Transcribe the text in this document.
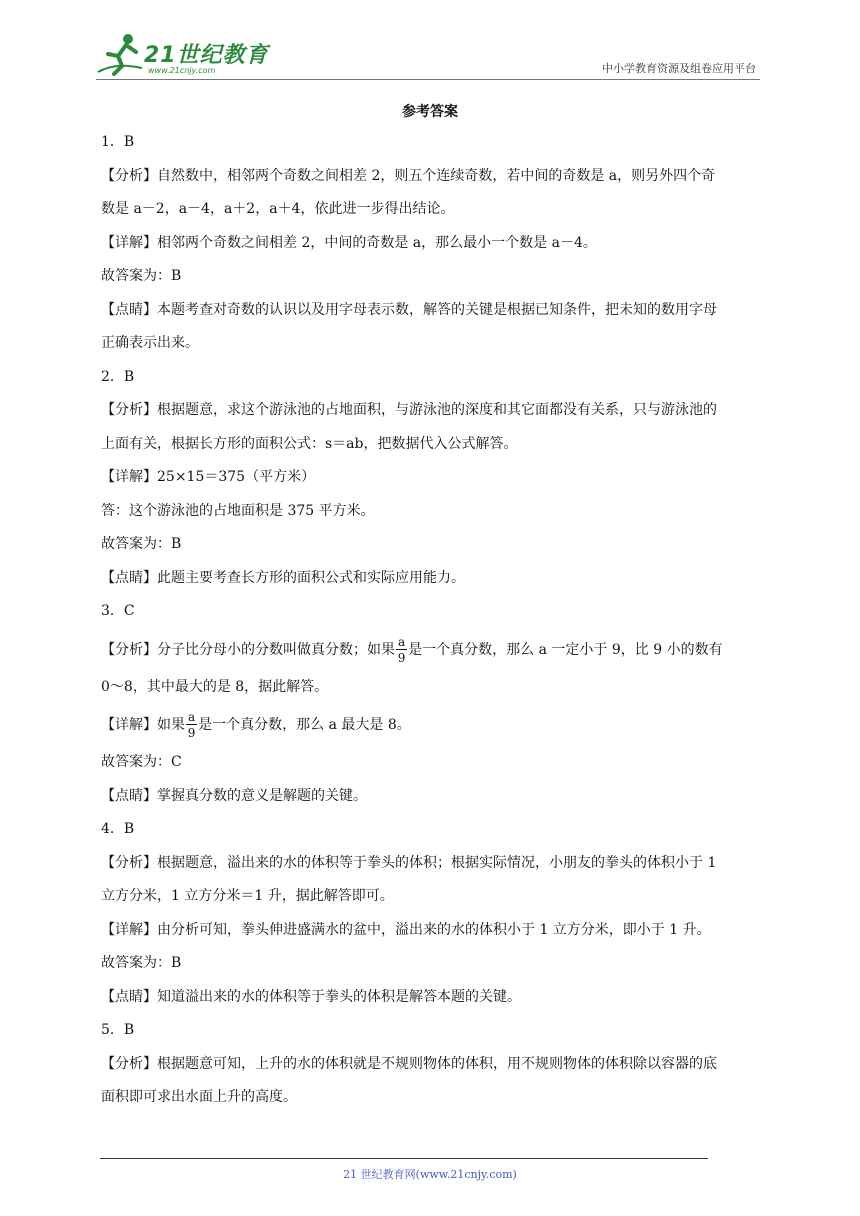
21世纪教育
www.21cnjy.com	中小学教育资源及组卷应用平台
参考答案
1．B
【分析】自然数中，相邻两个奇数之间相差 2，则五个连续奇数，若中间的奇数是 a，则另外四个奇
数是 a－2，a－4，a＋2，a＋4，依此进一步得出结论。
【详解】相邻两个奇数之间相差 2，中间的奇数是 a，那么最小一个数是 a－4。
故答案为：B
【点睛】本题考查对奇数的认识以及用字母表示数，解答的关键是根据已知条件，把未知的数用字母
正确表示出来。
2．B
【分析】根据题意，求这个游泳池的占地面积，与游泳池的深度和其它面都没有关系，只与游泳池的
上面有关，根据长方形的面积公式：s＝ab，把数据代入公式解答。
【详解】25×15＝375（平方米）
答：这个游泳池的占地面积是 375 平方米。
故答案为：B
【点睛】此题主要考查长方形的面积公式和实际应用能力。
3．C
【分析】分子比分母小的分数叫做真分数；如果 $\frac{a}{9}$ 是一个真分数，那么 a 一定小于 9，比 9 小的数有
0～8，其中最大的是 8，据此解答。
【详解】如果 $\frac{a}{9}$ 是一个真分数，那么 a 最大是 8。
故答案为：C
【点睛】掌握真分数的意义是解题的关键。
4．B
【分析】根据题意，溢出来的水的体积等于拳头的体积；根据实际情况，小朋友的拳头的体积小于 1
立方分米，1 立方分米＝1 升，据此解答即可。
【详解】由分析可知，拳头伸进盛满水的盆中，溢出来的水的体积小于 1 立方分米，即小于 1 升。
故答案为：B
【点睛】知道溢出来的水的体积等于拳头的体积是解答本题的关键。
5．B
【分析】根据题意可知，上升的水的体积就是不规则物体的体积，用不规则物体的体积除以容器的底
面积即可求出水面上升的高度。
21 世纪教育网(www.21cnjy.com)
